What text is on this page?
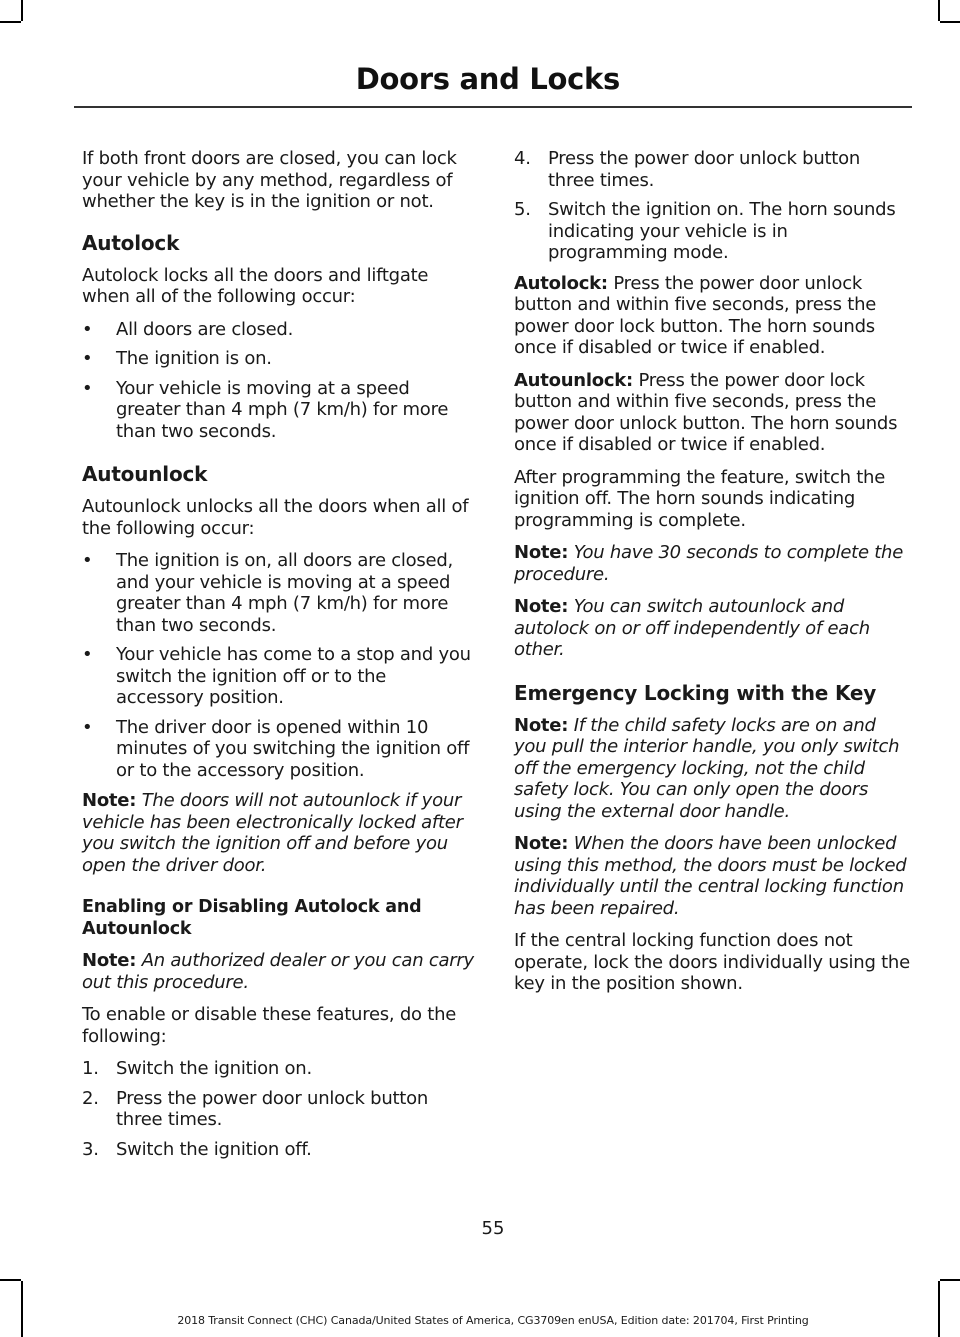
Doors and Locks

If both front doors are closed, you can lock your vehicle by any method, regardless of whether the key is in the ignition or not.

Autolock

Autolock locks all the doors and liftgate when all of the following occur:

• All doors are closed.
• The ignition is on.
• Your vehicle is moving at a speed greater than 4 mph (7 km/h) for more than two seconds.
Autounlock

Autounlock unlocks all the doors when all of the following occur:

• The ignition is on, all doors are closed, and your vehicle is moving at a speed greater than 4 mph (7 km/h) for more than two seconds.
• Your vehicle has come to a stop and you switch the ignition off or to the accessory position.
• The driver door is opened within 10 minutes of you switching the ignition off or to the accessory position.

Note: The doors will not autounlock if your vehicle has been electronically locked after you switch the ignition off and before you open the driver door.

Enabling or Disabling Autolock and Autounlock

Note: An authorized dealer or you can carry out this procedure.

To enable or disable these features, do the following:

1. Switch the ignition on.
2. Press the power door unlock button three times.
3. Switch the ignition off.
4. Press the power door unlock button three times.
5. Switch the ignition on. The horn sounds indicating your vehicle is in programming mode.

Autolock: Press the power door unlock button and within five seconds, press the power door lock button. The horn sounds once if disabled or twice if enabled.

Autounlock: Press the power door lock button and within five seconds, press the power door unlock button. The horn sounds once if disabled or twice if enabled.

After programming the feature, switch the ignition off. The horn sounds indicating programming is complete.

Note: You have 30 seconds to complete the procedure.

Note: You can switch autounlock and autolock on or off independently of each other.

Emergency Locking with the Key

Note: If the child safety locks are on and you pull the interior handle, you only switch off the emergency locking, not the child safety lock. You can only open the doors using the external door handle.

Note: When the doors have been unlocked using this method, the doors must be locked individually until the central locking function has been repaired.

If the central locking function does not operate, lock the doors individually using the key in the position shown.

55
2018 Transit Connect (CHC) Canada/United States of America, CG3709en enUSA, Edition date: 201704, First Printing
